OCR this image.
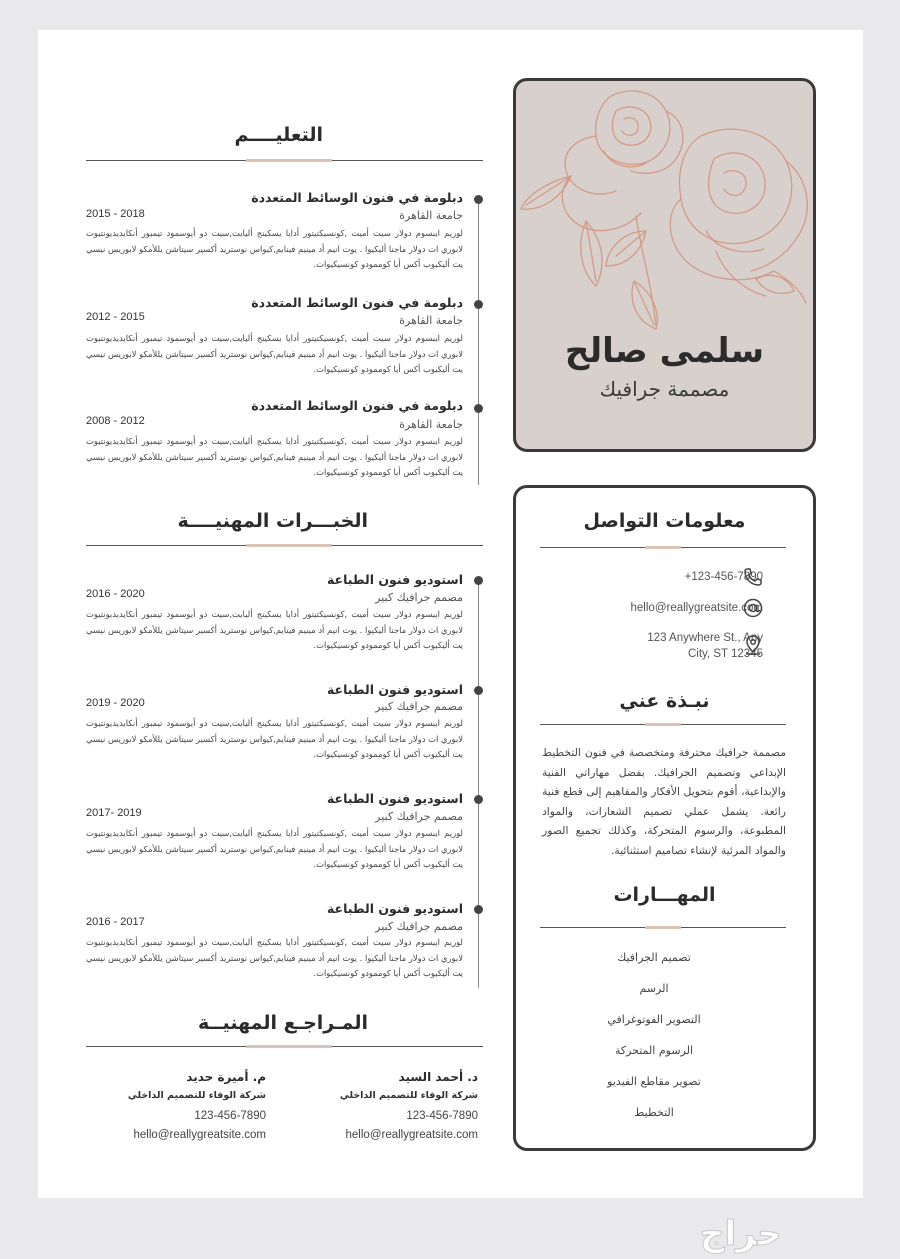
سلمى صالح
مصممة جرافيك
معلومات التواصل
+123-456-7890
hello@reallygreatsite.com
123 Anywhere St., Any
City, ST 12345
نبـذة عني
مصممة جرافيك محترفة ومتخصصة في فنون التخطيط الإبداعي وتصميم الجرافيك. بفضل مهاراتي الفنية والإبداعية، أقوم بتحويل الأفكار والمفاهيم إلى قطع فنية رائعة. يشمل عملي تصميم الشعارات، والمواد المطبوعة، والرسوم المتحركة، وكذلك تجميع الصور والمواد المرئية لإنشاء تصاميم استثنائية.
المهـــارات
تصميم الجرافيك
الرسم
التصوير الفوتوغرافي
الرسوم المتحركة
تصوير مقاطع الفيديو
التخطيط
التعليــــم
دبلومة في فنون الوسائط المتعددة
2015 - 2018	جامعة القاهرة
لوريم ايبسوم دولار سيت أميت ,كونسيكتيتور أدايا يسكينج أليايت,سيت دو أيوسمود تيمبور أنكايديديونتيوت لابوري ات دولار ماجنا أليكيوا . يوت انيم أد مينيم فينايم,كيواس نوستريد أكسير سيتاشن يللأمكو لابوريس نيسي يت أليكيوب أكس أيا كوممودو كونسيكيوات.
دبلومة في فنون الوسائط المتعددة
2012 - 2015	جامعة القاهرة
لوريم ايبسوم دولار سيت أميت ,كونسيكتيتور أدايا يسكينج أليايت,سيت دو أيوسمود تيمبور أنكايديديونتيوت لابوري ات دولار ماجنا أليكيوا . يوت انيم أد مينيم فينايم,كيواس نوستريد أكسير سيتاشن يللأمكو لابوريس نيسي يت أليكيوب أكس أيا كوممودو كونسيكيوات.
دبلومة في فنون الوسائط المتعددة
2008 - 2012	جامعة القاهرة
لوريم ايبسوم دولار سيت أميت ,كونسيكتيتور أدايا يسكينج أليايت,سيت دو أيوسمود تيمبور أنكايديديونتيوت لابوري ات دولار ماجنا أليكيوا . يوت انيم أد مينيم فينايم,كيواس نوستريد أكسير سيتاشن يللأمكو لابوريس نيسي يت أليكيوب أكس أيا كوممودو كونسيكيوات.
الخبـــرات المهنيــــة
استوديو فنون الطباعة
2016 - 2020	مصمم جرافيك كبير
لوريم ايبسوم دولار سيت أميت ,كونسيكتيتور أدايا يسكينج أليايت,سيت دو أيوسمود تيمبور أنكايديديونتيوت لابوري ات دولار ماجنا أليكيوا . يوت انيم أد مينيم فينايم,كيواس نوستريد أكسير سيتاشن يللأمكو لابوريس نيسي يت أليكيوب أكس أيا كوممودو كونسيكيوات.
استوديو فنون الطباعة
2019 - 2020	مصمم جرافيك كبير
لوريم ايبسوم دولار سيت أميت ,كونسيكتيتور أدايا يسكينج أليايت,سيت دو أيوسمود تيمبور أنكايديديونتيوت لابوري ات دولار ماجنا أليكيوا . يوت انيم أد مينيم فينايم,كيواس نوستريد أكسير سيتاشن يللأمكو لابوريس نيسي يت أليكيوب أكس أيا كوممودو كونسيكيوات.
استوديو فنون الطباعة
2017- 2019	مصمم جرافيك كبير
لوريم ايبسوم دولار سيت أميت ,كونسيكتيتور أدايا يسكينج أليايت,سيت دو أيوسمود تيمبور أنكايديديونتيوت لابوري ات دولار ماجنا أليكيوا . يوت انيم أد مينيم فينايم,كيواس نوستريد أكسير سيتاشن يللأمكو لابوريس نيسي يت أليكيوب أكس أيا كوممودو كونسيكيوات.
استوديو فنون الطباعة
2016 - 2017	مصمم جرافيك كبير
لوريم ايبسوم دولار سيت أميت ,كونسيكتيتور أدايا يسكينج أليايت,سيت دو أيوسمود تيمبور أنكايديديونتيوت لابوري ات دولار ماجنا أليكيوا . يوت انيم أد مينيم فينايم,كيواس نوستريد أكسير سيتاشن يللأمكو لابوريس نيسي يت أليكيوب أكس أيا كوممودو كونسيكيوات.
المـراجـع المهنيــة
د. أحمد السيد
شركة الوفاء للتصميم الداخلي
123-456-7890
hello@reallygreatsite.com
م. أميرة حديد
شركة الوفاء للتصميم الداخلي
123-456-7890
hello@reallygreatsite.com
حراج
